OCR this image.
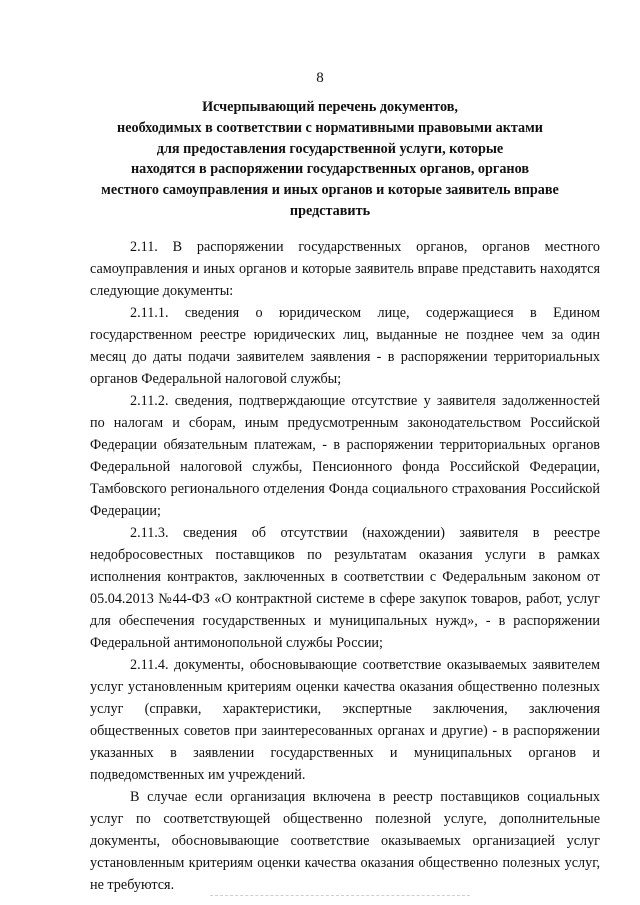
8
Исчерпывающий перечень документов,
необходимых в соответствии с нормативными правовыми актами
для предоставления государственной услуги, которые
находятся в распоряжении государственных органов, органов
местного самоуправления и иных органов и которые заявитель вправе
представить

2.11. В распоряжении государственных органов, органов местного самоуправления и иных органов и которые заявитель вправе представить находятся следующие документы:

2.11.1. сведения о юридическом лице, содержащиеся в Едином государственном реестре юридических лиц, выданные не позднее чем за один месяц до даты подачи заявителем заявления - в распоряжении территориальных органов Федеральной налоговой службы;

2.11.2. сведения, подтверждающие отсутствие у заявителя задолженностей по налогам и сборам, иным предусмотренным законодательством Российской Федерации обязательным платежам, - в распоряжении территориальных органов Федеральной налоговой службы, Пенсионного фонда Российской Федерации, Тамбовского регионального отделения Фонда социального страхования Российской Федерации;

2.11.3. сведения об отсутствии (нахождении) заявителя в реестре недобросовестных поставщиков по результатам оказания услуги в рамках исполнения контрактов, заключенных в соответствии с Федеральным законом от 05.04.2013 №44-ФЗ «О контрактной системе в сфере закупок товаров, работ, услуг для обеспечения государственных и муниципальных нужд», - в распоряжении Федеральной антимонопольной службы России;

2.11.4. документы, обосновывающие соответствие оказываемых заявителем услуг установленным критериям оценки качества оказания общественно полезных услуг (справки, характеристики, экспертные заключения, заключения общественных советов при заинтересованных органах и другие) - в распоряжении указанных в заявлении государственных и муниципальных органов и подведомственных им учреждений.

В случае если организация включена в реестр поставщиков социальных услуг по соответствующей общественно полезной услуге, дополнительные документы, обосновывающие соответствие оказываемых организацией услуг установленным критериям оценки качества оказания общественно полезных услуг, не требуются.
